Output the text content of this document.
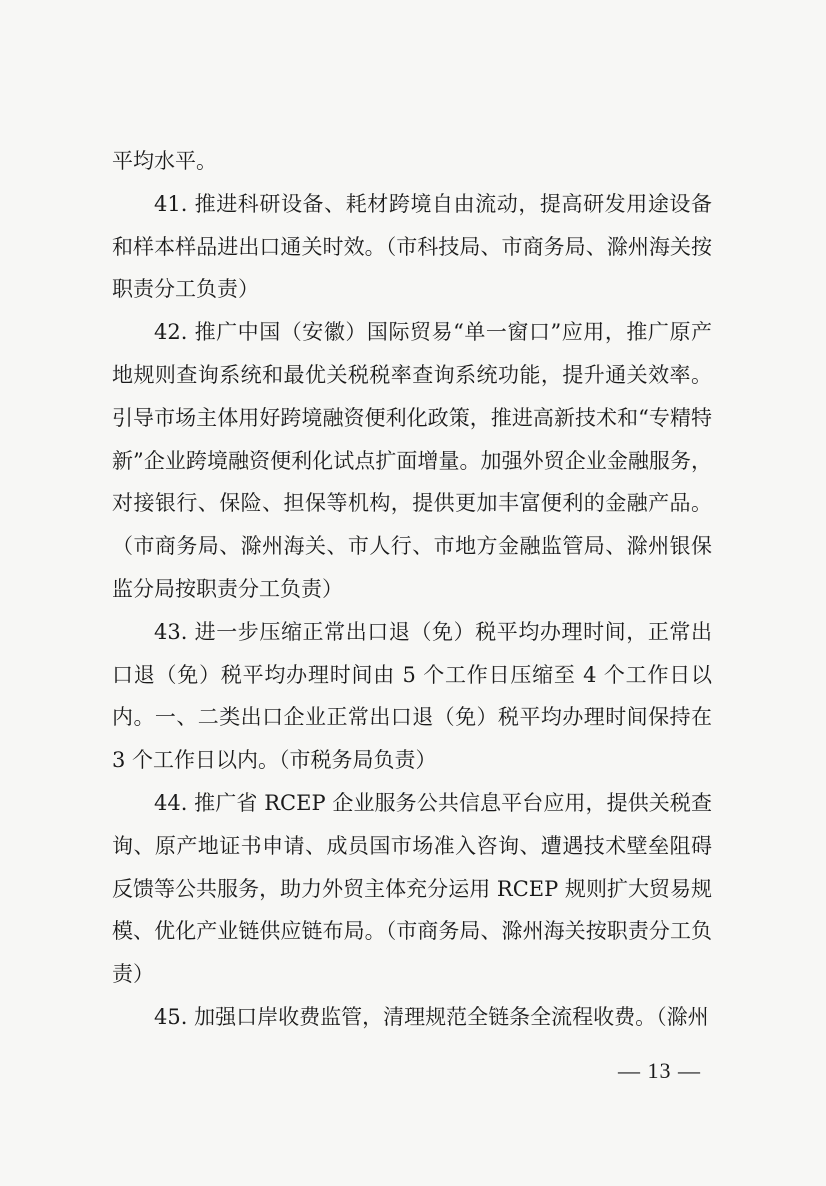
平均水平。

41. 推进科研设备、耗材跨境自由流动，提高研发用途设备和样本样品进出口通关时效。（市科技局、市商务局、滁州海关按职责分工负责）

42. 推广中国（安徽）国际贸易“单一窗口”应用，推广原产地规则查询系统和最优关税税率查询系统功能，提升通关效率。引导市场主体用好跨境融资便利化政策，推进高新技术和“专精特新”企业跨境融资便利化试点扩面增量。加强外贸企业金融服务，对接银行、保险、担保等机构，提供更加丰富便利的金融产品。（市商务局、滁州海关、市人行、市地方金融监管局、滁州银保监分局按职责分工负责）

43. 进一步压缩正常出口退（免）税平均办理时间，正常出口退（免）税平均办理时间由 5 个工作日压缩至 4 个工作日以内。一、二类出口企业正常出口退（免）税平均办理时间保持在 3 个工作日以内。（市税务局负责）

44. 推广省 RCEP 企业服务公共信息平台应用，提供关税查询、原产地证书申请、成员国市场准入咨询、遭遇技术壁垒阻碍反馈等公共服务，助力外贸主体充分运用 RCEP 规则扩大贸易规模、优化产业链供应链布局。（市商务局、滁州海关按职责分工负责）

45. 加强口岸收费监管，清理规范全链条全流程收费。（滁州

— 13 —
